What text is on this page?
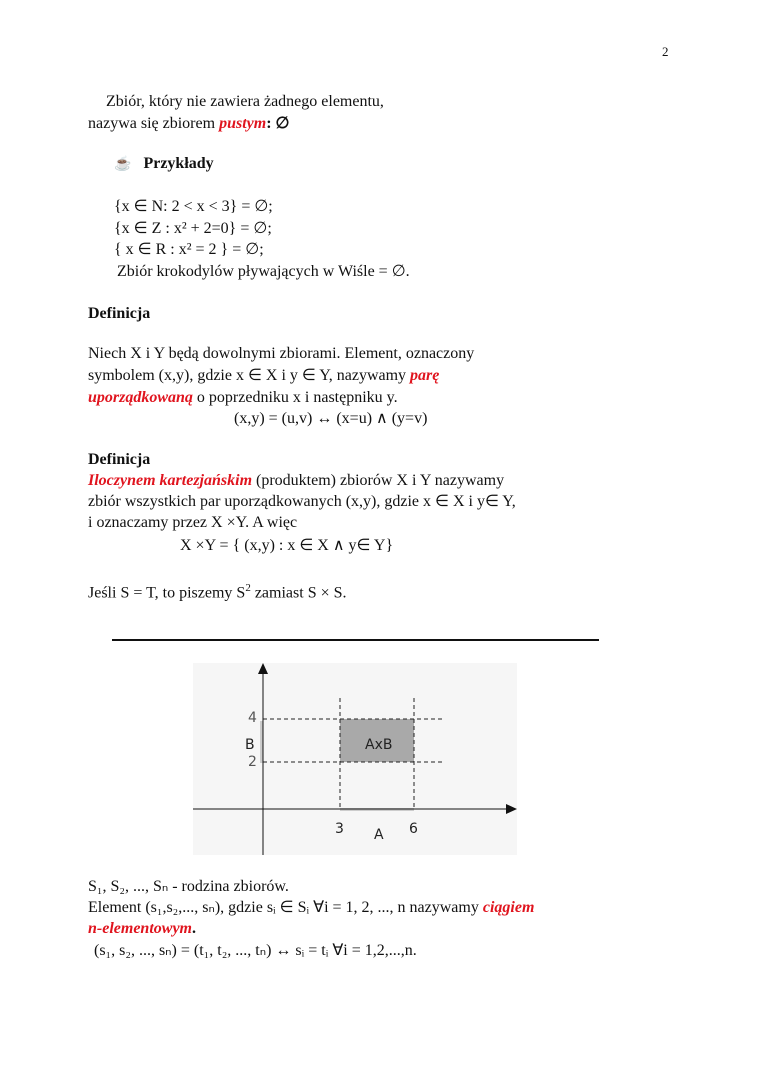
2
Zbiór, który nie zawiera żadnego elementu,
nazywa się zbiorem pustym: ∅
☕ Przykłady
{x ∈ N: 2 < x < 3} = ∅;
{x ∈ Z : x² + 2=0} = ∅;
{ x ∈ R : x² = 2 } = ∅;
Zbiór krokodylów pływających w Wiśle = ∅.
Definicja
Niech X i Y będą dowolnymi zbiorami. Element, oznaczony
symbolem (x,y), gdzie x ∈ X i y ∈ Y, nazywamy parę
uporządkowaną o poprzedniku x i następniku y.
(x,y) = (u,v) ↔ (x=u) ∧ (y=v)
Definicja
Iloczynem kartezjańskim (produktem) zbiorów X i Y nazywamy
zbiór wszystkich par uporządkowanych (x,y), gdzie x ∈ X i y∈ Y,
i oznaczamy przez X ×Y. A więc
X ×Y = { (x,y) : x ∈ X ∧ y∈ Y}
Jeśli S = T, to piszemy $S^2$ zamiast S × S.
4
2
B
3	6
A
AxB
S₁, S₂, ..., Sₙ - rodzina zbiorów.
Element (s₁,s₂,..., sₙ), gdzie sᵢ ∈ Sᵢ ∀i = 1, 2, ..., n nazywamy ciągiem
n-elementowym.
(s₁, s₂, ..., sₙ) = (t₁, t₂, ..., tₙ) ↔ sᵢ = tᵢ ∀i = 1,2,...,n.
